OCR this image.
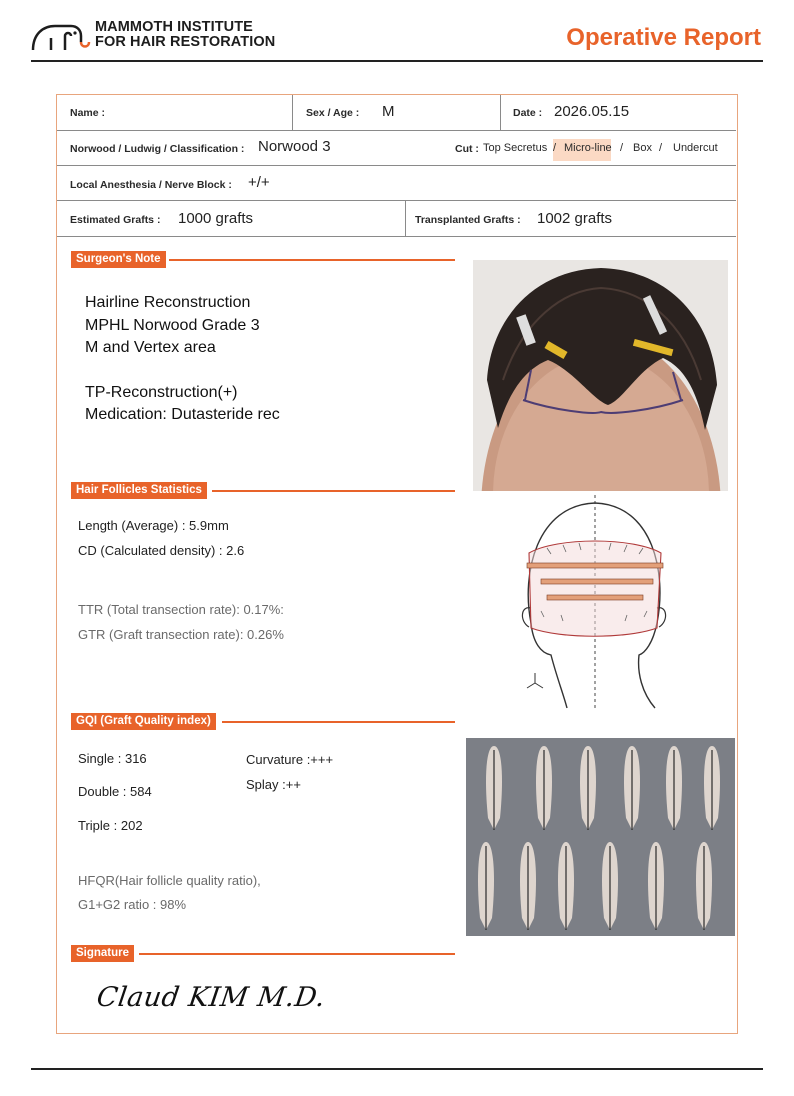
MAMMOTH INSTITUTE
FOR HAIR RESTORATION	Operative Report
Name :	Sex / Age : M	Date : 2026.05.15
Norwood / Ludwig / Classification : Norwood 3	Cut : Top Secretus / Micro-line / Box / Undercut
Local Anesthesia / Nerve Block : +/+
Estimated Grafts : 1000 grafts	Transplanted Grafts : 1002 grafts
Surgeon's Note
Hairline Reconstruction
MPHL Norwood Grade 3
M and Vertex area
TP-Reconstruction(+)
Medication: Dutasteride rec
Hair Follicles Statistics
Length (Average) : 5.9mm
CD (Calculated density) : 2.6
TTR (Total transection rate): 0.17%:
GTR (Graft transection rate): 0.26%
GQI (Graft Quality index)
Single : 316
Double : 584
Triple : 202
Curvature :+++
Splay :++
HFQR(Hair follicle quality ratio),
G1+G2 ratio : 98%
Signature
Claud KIM M.D.
